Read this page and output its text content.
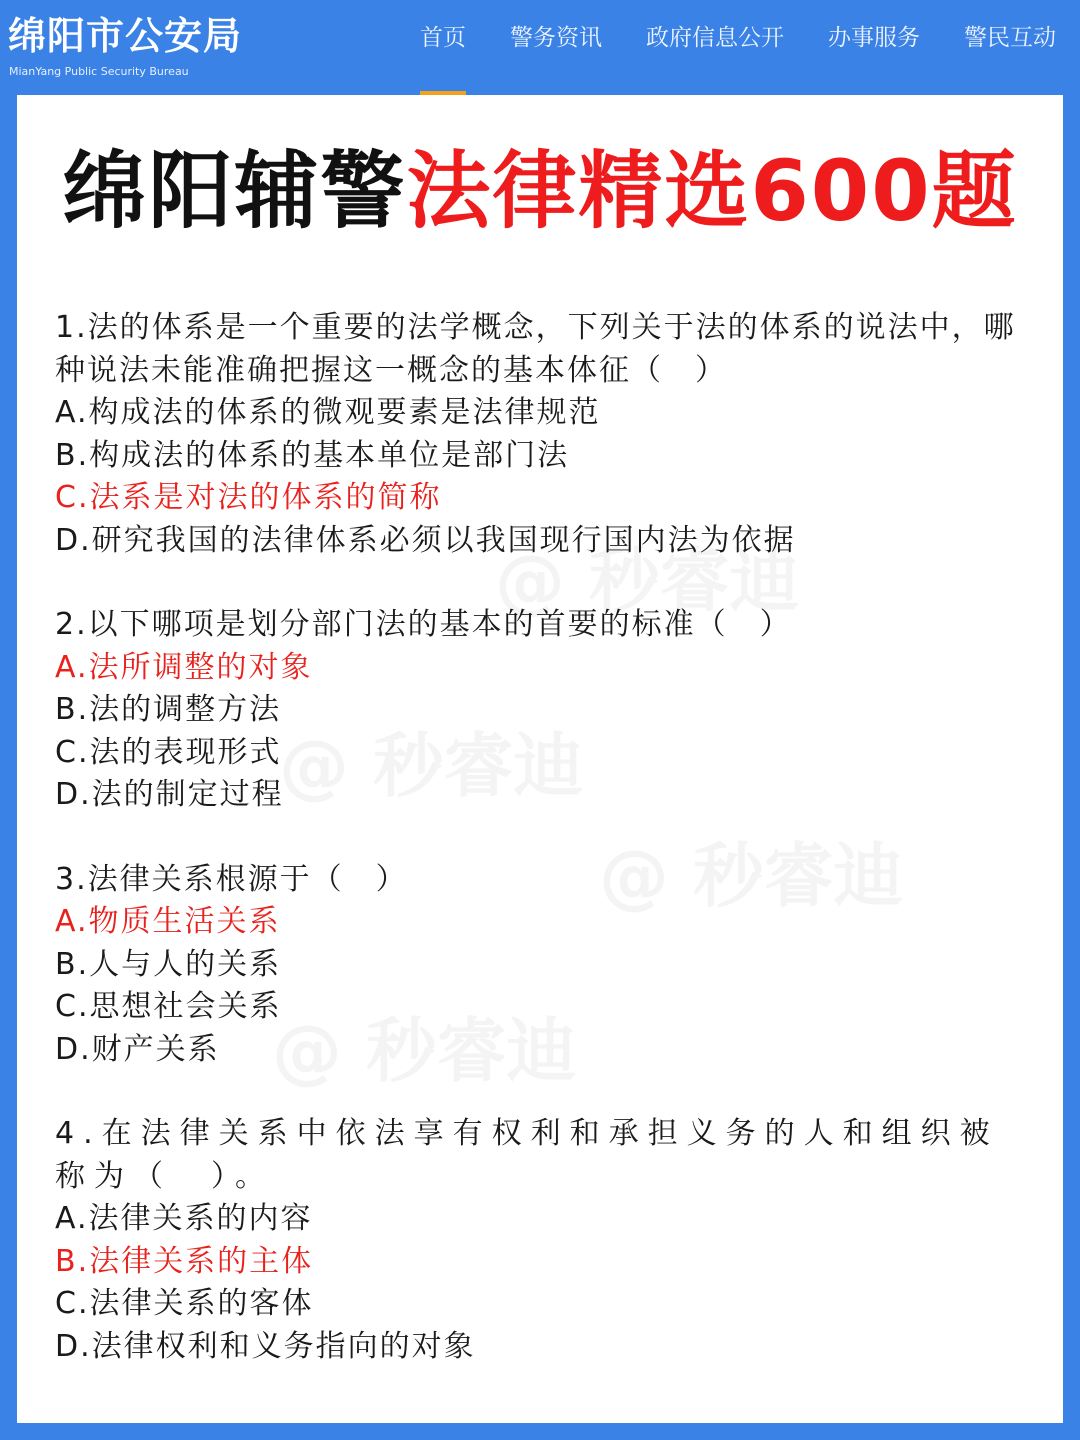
绵阳市公安局
MianYang Public Security Bureau
首页 警务资讯 政府信息公开 办事服务 警民互动
绵阳辅警法律精选600题
1.法的体系是一个重要的法学概念，下列关于法的体系的说法中，哪种说法未能准确把握这一概念的基本体征（　）
A.构成法的体系的微观要素是法律规范
B.构成法的体系的基本单位是部门法
C.法系是对法的体系的简称
D.研究我国的法律体系必须以我国现行国内法为依据
2.以下哪项是划分部门法的基本的首要的标准（　）
A.法所调整的对象
B.法的调整方法
C.法的表现形式
D.法的制定过程
3.法律关系根源于（　）
A.物质生活关系
B.人与人的关系
C.思想社会关系
D.财产关系
4.在法律关系中依法享有权利和承担义务的人和组织被称为（　）。
A.法律关系的内容
B.法律关系的主体
C.法律关系的客体
D.法律权利和义务指向的对象
